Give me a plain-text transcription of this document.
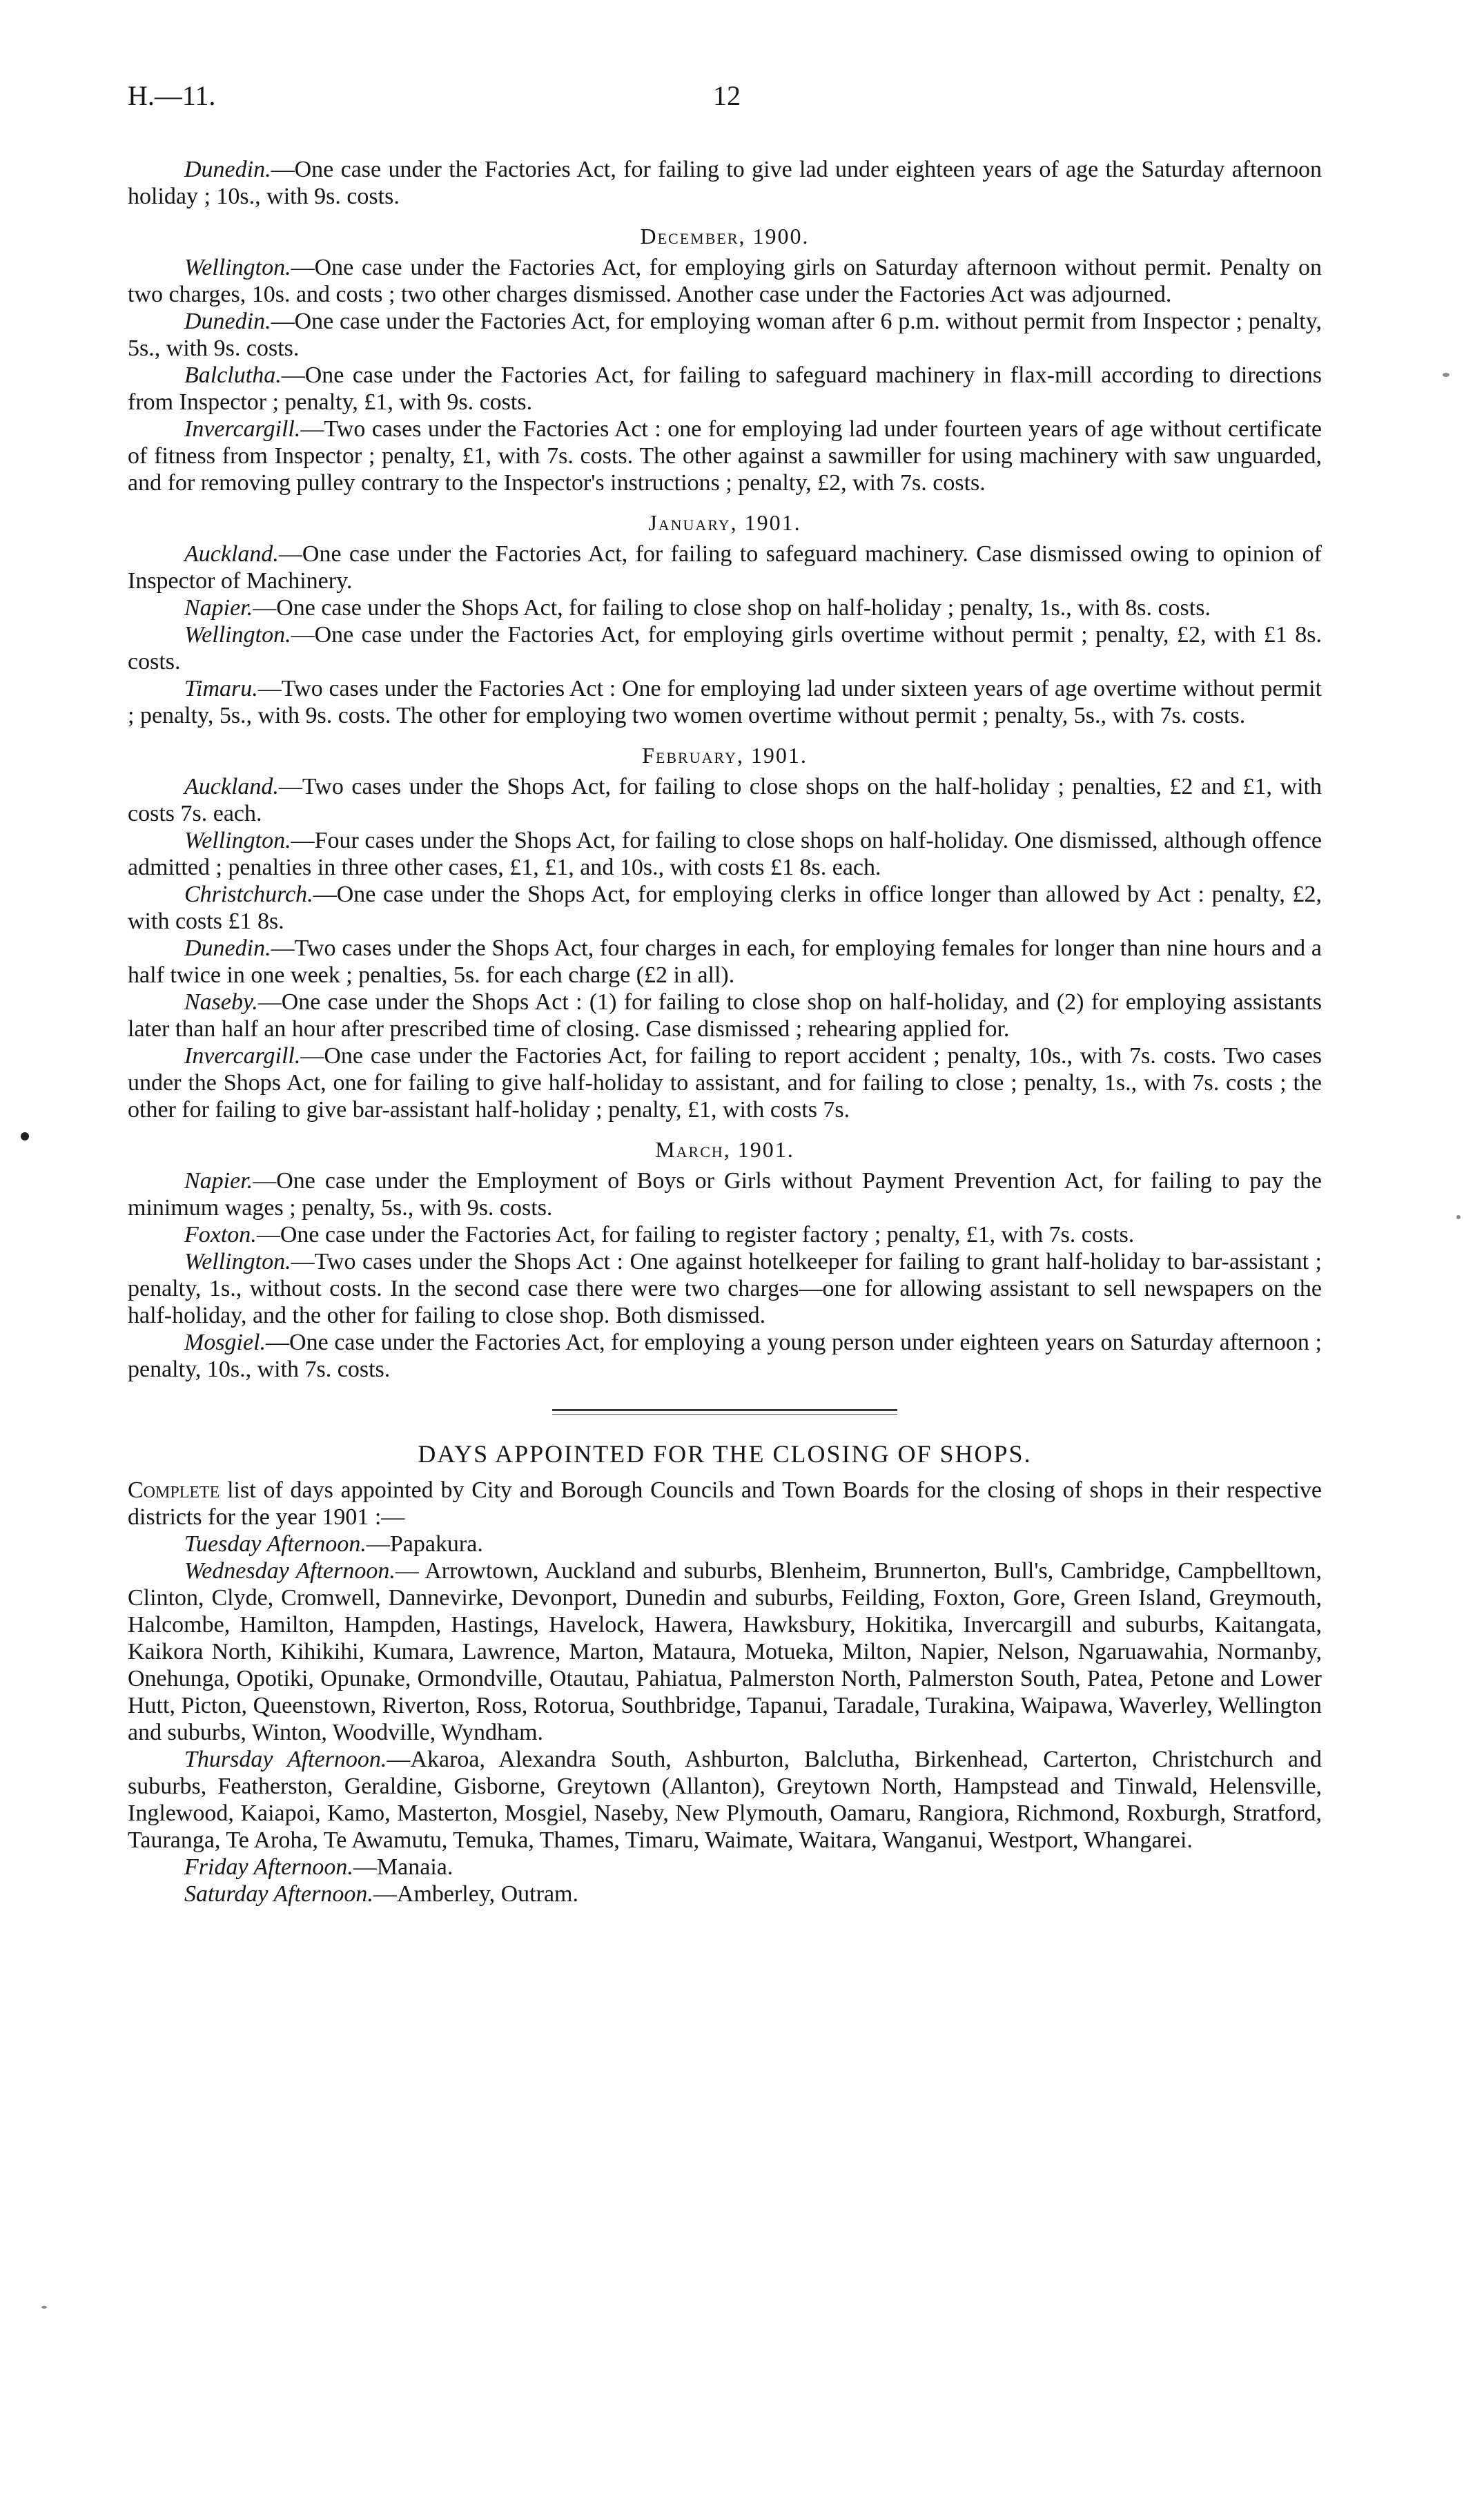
H.—11.	12

Dunedin.—One case under the Factories Act, for failing to give lad under eighteen years of age the Saturday afternoon holiday ; 10s., with 9s. costs.

December, 1900.

Wellington.—One case under the Factories Act, for employing girls on Saturday afternoon without permit. Penalty on two charges, 10s. and costs ; two other charges dismissed. Another case under the Factories Act was adjourned.

Dunedin.—One case under the Factories Act, for employing woman after 6 p.m. without permit from Inspector ; penalty, 5s., with 9s. costs.

Balclutha.—One case under the Factories Act, for failing to safeguard machinery in flax-mill according to directions from Inspector ; penalty, £1, with 9s. costs.

Invercargill.—Two cases under the Factories Act : one for employing lad under fourteen years of age without certificate of fitness from Inspector ; penalty, £1, with 7s. costs. The other against a sawmiller for using machinery with saw unguarded, and for removing pulley contrary to the Inspector's instructions ; penalty, £2, with 7s. costs.

January, 1901.

Auckland.—One case under the Factories Act, for failing to safeguard machinery. Case dismissed owing to opinion of Inspector of Machinery.

Napier.—One case under the Shops Act, for failing to close shop on half-holiday ; penalty, 1s., with 8s. costs.

Wellington.—One case under the Factories Act, for employing girls overtime without permit ; penalty, £2, with £1 8s. costs.

Timaru.—Two cases under the Factories Act : One for employing lad under sixteen years of age overtime without permit ; penalty, 5s., with 9s. costs. The other for employing two women overtime without permit ; penalty, 5s., with 7s. costs.

February, 1901.

Auckland.—Two cases under the Shops Act, for failing to close shops on the half-holiday ; penalties, £2 and £1, with costs 7s. each.

Wellington.—Four cases under the Shops Act, for failing to close shops on half-holiday. One dismissed, although offence admitted ; penalties in three other cases, £1, £1, and 10s., with costs £1 8s. each.

Christchurch.—One case under the Shops Act, for employing clerks in office longer than allowed by Act : penalty, £2, with costs £1 8s.

Dunedin.—Two cases under the Shops Act, four charges in each, for employing females for longer than nine hours and a half twice in one week ; penalties, 5s. for each charge (£2 in all).

Naseby.—One case under the Shops Act : (1) for failing to close shop on half-holiday, and (2) for employing assistants later than half an hour after prescribed time of closing. Case dismissed ; rehearing applied for.

Invercargill.—One case under the Factories Act, for failing to report accident ; penalty, 10s., with 7s. costs. Two cases under the Shops Act, one for failing to give half-holiday to assistant, and for failing to close ; penalty, 1s., with 7s. costs ; the other for failing to give bar-assistant half-holiday ; penalty, £1, with costs 7s.

March, 1901.

Napier.—One case under the Employment of Boys or Girls without Payment Prevention Act, for failing to pay the minimum wages ; penalty, 5s., with 9s. costs.

Foxton.—One case under the Factories Act, for failing to register factory ; penalty, £1, with 7s. costs.

Wellington.—Two cases under the Shops Act : One against hotelkeeper for failing to grant half-holiday to bar-assistant ; penalty, 1s., without costs. In the second case there were two charges—one for allowing assistant to sell newspapers on the half-holiday, and the other for failing to close shop. Both dismissed.

Mosgiel.—One case under the Factories Act, for employing a young person under eighteen years on Saturday afternoon ; penalty, 10s., with 7s. costs.

DAYS APPOINTED FOR THE CLOSING OF SHOPS.

Complete list of days appointed by City and Borough Councils and Town Boards for the closing of shops in their respective districts for the year 1901 :—

Tuesday Afternoon.—Papakura.

Wednesday Afternoon.— Arrowtown, Auckland and suburbs, Blenheim, Brunnerton, Bull's, Cambridge, Campbelltown, Clinton, Clyde, Cromwell, Dannevirke, Devonport, Dunedin and suburbs, Feilding, Foxton, Gore, Green Island, Greymouth, Halcombe, Hamilton, Hampden, Hastings, Havelock, Hawera, Hawksbury, Hokitika, Invercargill and suburbs, Kaitangata, Kaikora North, Kihikihi, Kumara, Lawrence, Marton, Mataura, Motueka, Milton, Napier, Nelson, Ngaruawahia, Normanby, Onehunga, Opotiki, Opunake, Ormondville, Otautau, Pahiatua, Palmerston North, Palmerston South, Patea, Petone and Lower Hutt, Picton, Queenstown, Riverton, Ross, Rotorua, Southbridge, Tapanui, Taradale, Turakina, Waipawa, Waverley, Wellington and suburbs, Winton, Woodville, Wyndham.

Thursday Afternoon.—Akaroa, Alexandra South, Ashburton, Balclutha, Birkenhead, Carterton, Christchurch and suburbs, Featherston, Geraldine, Gisborne, Greytown (Allanton), Greytown North, Hampstead and Tinwald, Helensville, Inglewood, Kaiapoi, Kamo, Masterton, Mosgiel, Naseby, New Plymouth, Oamaru, Rangiora, Richmond, Roxburgh, Stratford, Tauranga, Te Aroha, Te Awamutu, Temuka, Thames, Timaru, Waimate, Waitara, Wanganui, Westport, Whangarei.

Friday Afternoon.—Manaia.

Saturday Afternoon.—Amberley, Outram.
